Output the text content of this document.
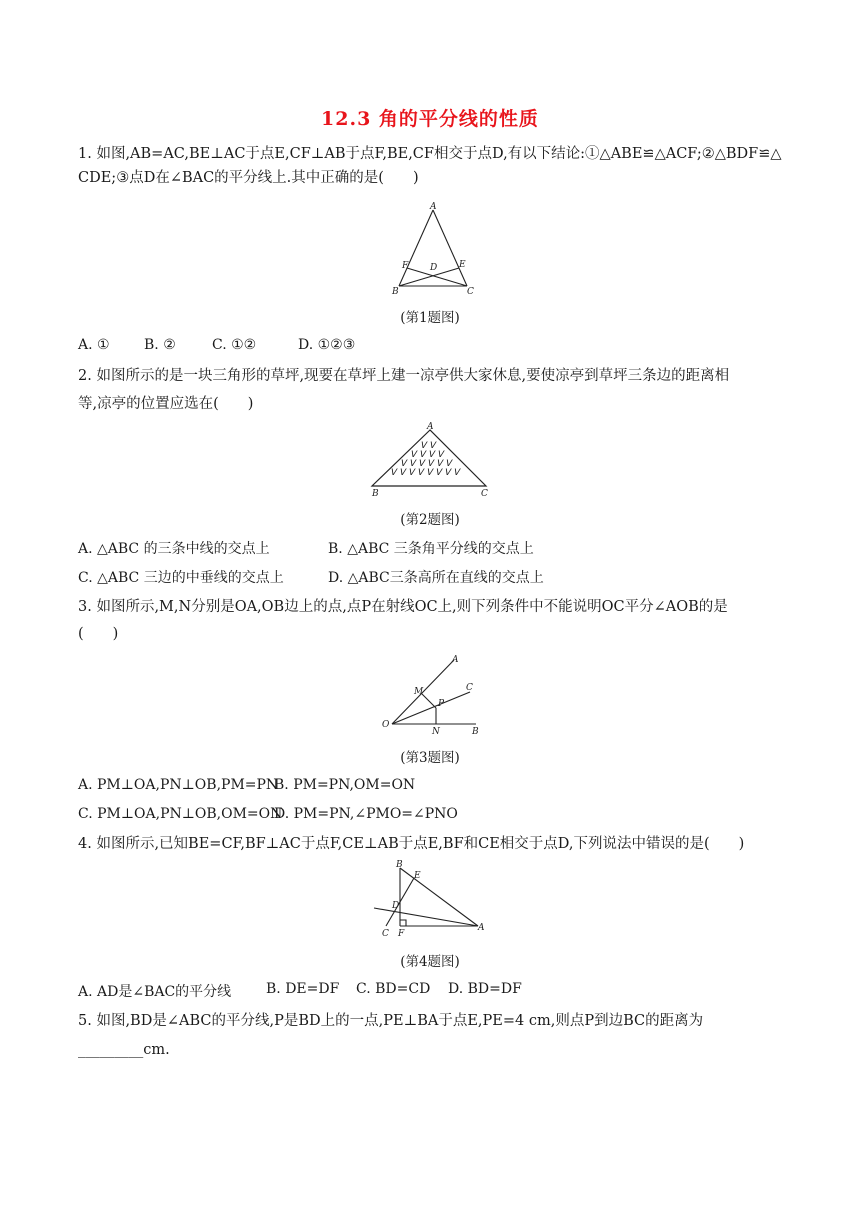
12.3 角的平分线的性质
1. 如图,AB=AC,BE⊥AC于点E,CF⊥AB于点F,BE,CF相交于点D,有以下结论:①△ABE≌△ACF;②△BDF≌△
CDE;③点D在∠BAC的平分线上.其中正确的是(　　)
A
F D E
B	C
(第1题图)
A. ① B. ②	C. ①②	D. ①②③
2. 如图所示的是一块三角形的草坪,现要在草坪上建一凉亭供大家休息,要使凉亭到草坪三条边的距离相
等,凉亭的位置应选在(　　)
ᐯ ᐯ
ᐯ ᐯ ᐯ ᐯ
ᐯ ᐯ ᐯ ᐯ ᐯ ᐯ
ᐯ ᐯ ᐯ ᐯ ᐯ ᐯ ᐯ ᐯ
A
B	C
(第2题图)
A. △ABC 的三条中线的交点上	B. △ABC 三条角平分线的交点上
C. △ABC 三边的中垂线的交点上	D. △ABC三条高所在直线的交点上
3. 如图所示,M,N分别是OA,OB边上的点,点P在射线OC上,则下列条件中不能说明OC平分∠AOB的是
(　　)
A
M	C
P
O
N	B
(第3题图)
A. PM⊥OA,PN⊥OB,PM=PN
B. PM=PN,OM=ON
C. PM⊥OA,PN⊥OB,OM=ON
D. PM=PN,∠PMO=∠PNO
4. 如图所示,已知BE=CF,BF⊥AC于点F,CE⊥AB于点E,BF和CE相交于点D,下列说法中错误的是(　　)
B
E
D
C F
A
(第4题图)
A. AD是∠BAC的平分线 B. DE=DF C. BD=CD D. BD=DF
5. 如图,BD是∠ABC的平分线,P是BD上的一点,PE⊥BA于点E,PE=4 cm,则点P到边BC的距离为
_________cm.
